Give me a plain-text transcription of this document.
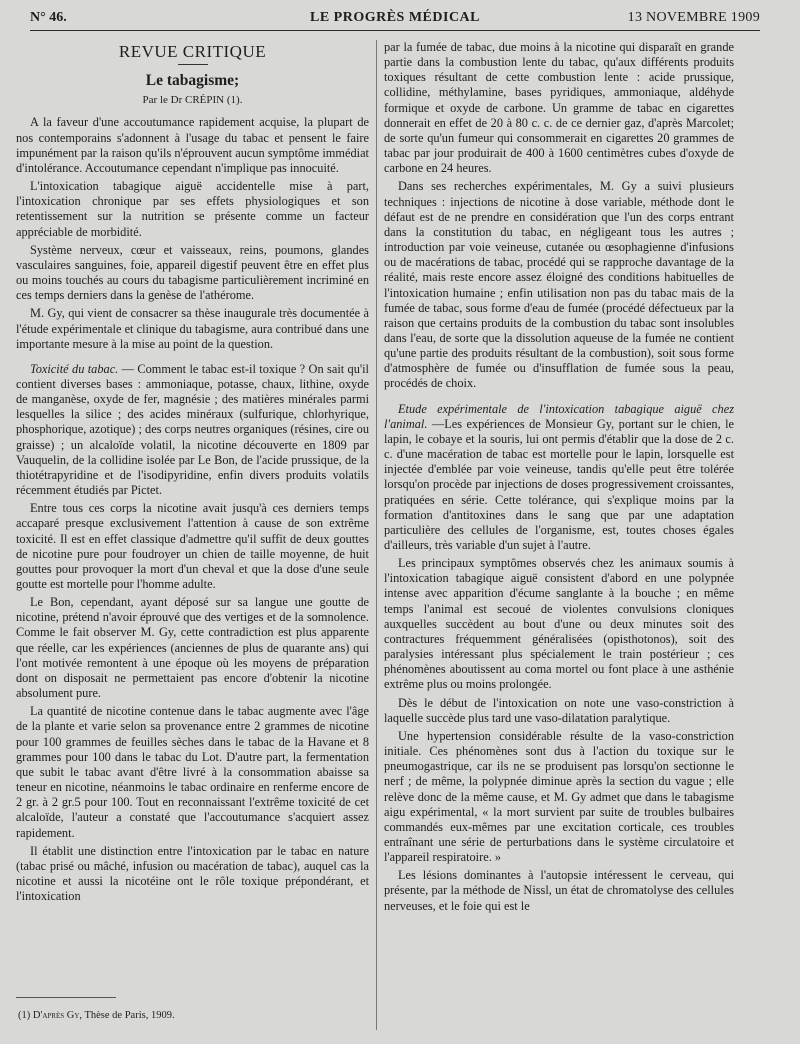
N° 46.	LE PROGRÈS MÉDICAL	13 NOVEMBRE 1909
REVUE CRITIQUE
Le tabagisme;
Par le Dr CRÉPIN (1).

A la faveur d'une accoutumance rapidement acquise, la plupart de nos contemporains s'adonnent à l'usage du tabac et pensent le faire impunément par la raison qu'ils n'éprouvent aucun symptôme immédiat d'intolérance. Accoutumance cependant n'implique pas innocuité.

L'intoxication tabagique aiguë accidentelle mise à part, l'intoxication chronique par ses effets physiologiques et son retentissement sur la nutrition se présente comme un facteur appréciable de morbidité.

Système nerveux, cœur et vaisseaux, reins, poumons, glandes vasculaires sanguines, foie, appareil digestif peuvent être en effet plus ou moins touchés au cours du tabagisme particulièrement incriminé en ces temps derniers dans la genèse de l'athérome.

M. Gy, qui vient de consacrer sa thèse inaugurale très documentée à l'étude expérimentale et clinique du tabagisme, aura contribué dans une importante mesure à la mise au point de la question.

Toxicité du tabac. — Comment le tabac est-il toxique ? On sait qu'il contient diverses bases : ammoniaque, potasse, chaux, lithine, oxyde de manganèse, oxyde de fer, magnésie ; des matières minérales parmi lesquelles la silice ; des acides minéraux (sulfurique, chlorhyrique, phosphorique, azotique) ; des corps neutres organiques (résines, cire ou graisse) ; un alcaloïde volatil, la nicotine découverte en 1809 par Vauquelin, de la collidine isolée par Le Bon, de l'acide prussique, de la thiotétrapyridine et de l'isodipyridine, enfin divers produits volatils récemment étudiés par Pictet.

Entre tous ces corps la nicotine avait jusqu'à ces derniers temps accaparé presque exclusivement l'attention à cause de son extrême toxicité. Il est en effet classique d'admettre qu'il suffit de deux gouttes de nicotine pure pour foudroyer un chien de taille moyenne, de huit gouttes pour provoquer la mort d'un cheval et que la dose d'une seule goutte est mortelle pour l'homme adulte.

Le Bon, cependant, ayant déposé sur sa langue une goutte de nicotine, prétend n'avoir éprouvé que des vertiges et de la somnolence. Comme le fait observer M. Gy, cette contradiction est plus apparente que réelle, car les expériences (anciennes de plus de quarante ans) qui l'ont motivée remontent à une époque où les moyens de préparation dont on disposait ne permettaient pas encore d'obtenir la nicotine absolument pure.

La quantité de nicotine contenue dans le tabac augmente avec l'âge de la plante et varie selon sa provenance entre 2 grammes de nicotine pour 100 grammes de feuilles sèches dans le tabac de la Havane et 8 grammes pour 100 dans le tabac du Lot. D'autre part, la fermentation que subit le tabac avant d'être livré à la consommation abaisse sa teneur en nicotine, néanmoins le tabac ordinaire en renferme encore de 2 gr. à 2 gr.5 pour 100. Tout en reconnaissant l'extrême toxicité de cet alcaloïde, l'auteur a constaté que l'accoutumance s'acquiert assez rapidement.

Il établit une distinction entre l'intoxication par le tabac en nature (tabac prisé ou mâché, infusion ou macération de tabac), auquel cas la nicotine et aussi la nicotéine ont le rôle toxique prépondérant, et l'intoxication

par la fumée de tabac, due moins à la nicotine qui disparaît en grande partie dans la combustion lente du tabac, qu'aux différents produits toxiques résultant de cette combustion lente : acide prussique, collidine, méthylamine, bases pyridiques, ammoniaque, aldéhyde formique et oxyde de carbone. Un gramme de tabac en cigarettes donnerait en effet de 20 à 80 c. c. de ce dernier gaz, d'après Marcolet; de sorte qu'un fumeur qui consommerait en cigarettes 20 grammes de tabac par jour produirait de 400 à 1600 centimètres cubes d'oxyde de carbone en 24 heures.

Dans ses recherches expérimentales, M. Gy a suivi plusieurs techniques : injections de nicotine à dose variable, méthode dont le défaut est de ne prendre en considération que l'un des corps entrant dans la constitution du tabac, en négligeant tous les autres ; introduction par voie veineuse, cutanée ou œsophagienne d'infusions ou de macérations de tabac, procédé qui se rapproche davantage de la réalité, mais reste encore assez éloigné des conditions habituelles de l'intoxication humaine ; enfin utilisation non pas du tabac mais de la fumée de tabac, sous forme d'eau de fumée (procédé défectueux par la raison que certains produits de la combustion du tabac sont insolubles dans l'eau, de sorte que la dissolution aqueuse de la fumée ne contient qu'une partie des produits résultant de la combustion), soit sous forme d'atmosphère de fumée ou d'insufflation de fumée sous la peau, procédés de choix.

Etude expérimentale de l'intoxication tabagique aiguë chez l'animal. —Les expériences de Monsieur Gy, portant sur le chien, le lapin, le cobaye et la souris, lui ont permis d'établir que la dose de 2 c. c. d'une macération de tabac est mortelle pour le lapin, lorsquelle est injectée d'emblée par voie veineuse, tandis qu'elle peut être tolérée lorsqu'on procède par injections de doses progressivement croissantes, pratiquées en série. Cette tolérance, qui s'explique moins par la formation d'antitoxines dans le sang que par une adaptation particulière des cellules de l'organisme, est, toutes choses égales d'ailleurs, très variable d'un sujet à l'autre.

Les principaux symptômes observés chez les animaux soumis à l'intoxication tabagique aiguë consistent d'abord en une polypnée intense avec apparition d'écume sanglante à la bouche ; en même temps l'animal est secoué de violentes convulsions cloniques auxquelles succèdent au bout d'une ou deux minutes soit des contractures fréquemment généralisées (opisthotonos), soit des paralysies intéressant plus spécialement le train postérieur ; ces phénomènes aboutissent au coma mortel ou font place à une asthénie extrême plus ou moins prolongée.

Dès le début de l'intoxication on note une vaso-constriction à laquelle succède plus tard une vaso-dilatation paralytique.

Une hypertension considérable résulte de la vaso-constriction initiale. Ces phénomènes sont dus à l'action du toxique sur le pneumogastrique, car ils ne se produisent pas lorsqu'on sectionne le nerf ; de même, la polypnée diminue après la section du vague ; elle relève donc de la même cause, et M. Gy admet que dans le tabagisme aigu expérimental, « la mort survient par suite de troubles bulbaires commandés eux-mêmes par une excitation corticale, ces troubles entraînant une série de perturbations dans le système circulatoire et l'appareil respiratoire. »

Les lésions dominantes à l'autopsie intéressent le cerveau, qui présente, par la méthode de Nissl, un état de chromatolyse des cellules nerveuses, et le foie qui est le

(1) D'après Gy, Thèse de Paris, 1909.
